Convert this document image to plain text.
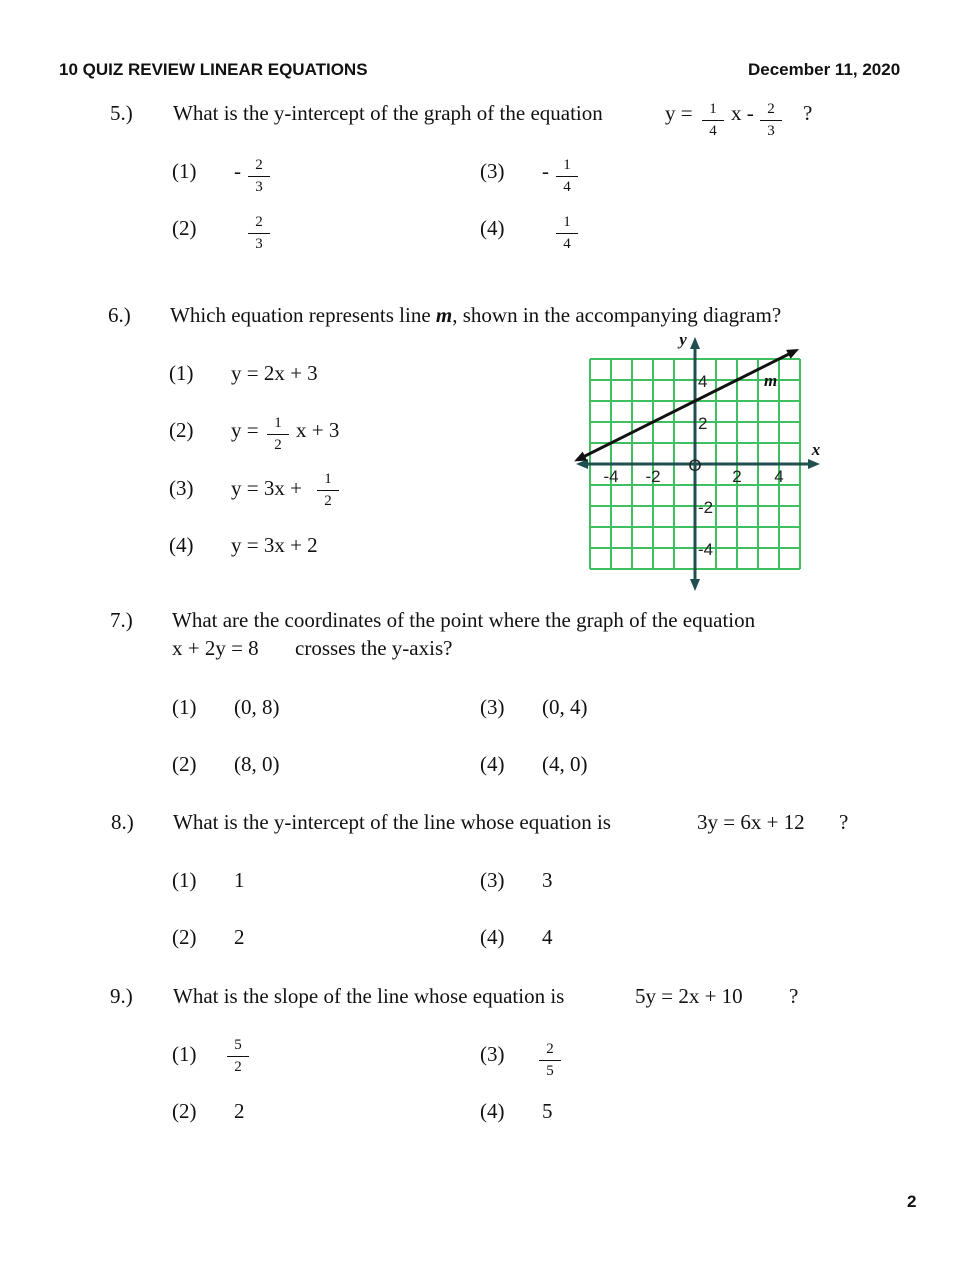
10 QUIZ REVIEW LINEAR EQUATIONS	December 11, 2020
5.) What is the y-intercept of the graph of the equation	$y = \frac{1}{4}$ x - $\frac{2}{3}$ ?
$(1) - \frac{2}{3}$
(2)	$\frac{2}{3}$
$(3) - \frac{1}{4}$
(4)	$\frac{1}{4}$
6.) Which equation represents line m, shown in the accompanying diagram?
(1) y = 2x + 3
(2) $y = \frac{1}{2}$ x + 3
(3) $y = 3x + \frac{1}{2}$
(4) y = 3x + 2
-4 -2	2 4
4
2
-2
-4
O
x
y
m
7.) What are the coordinates of the point where the graph of the equation
x + 2y = 8 crosses the y-axis?
(1) (0, 8)
(2) (8, 0)
(3) (0, 4)
(4) (4, 0)
8.) What is the y-intercept of the line whose equation is	3y = 6x + 12 ?
(1) 1
(2) 2
(3) 3
(4) 4
9.) What is the slope of the line whose equation is	5y = 2x + 10 ?
$(1) \frac{5}{2}$
(2) 2
$(3) \frac{2}{5}$
(4) 5
2
